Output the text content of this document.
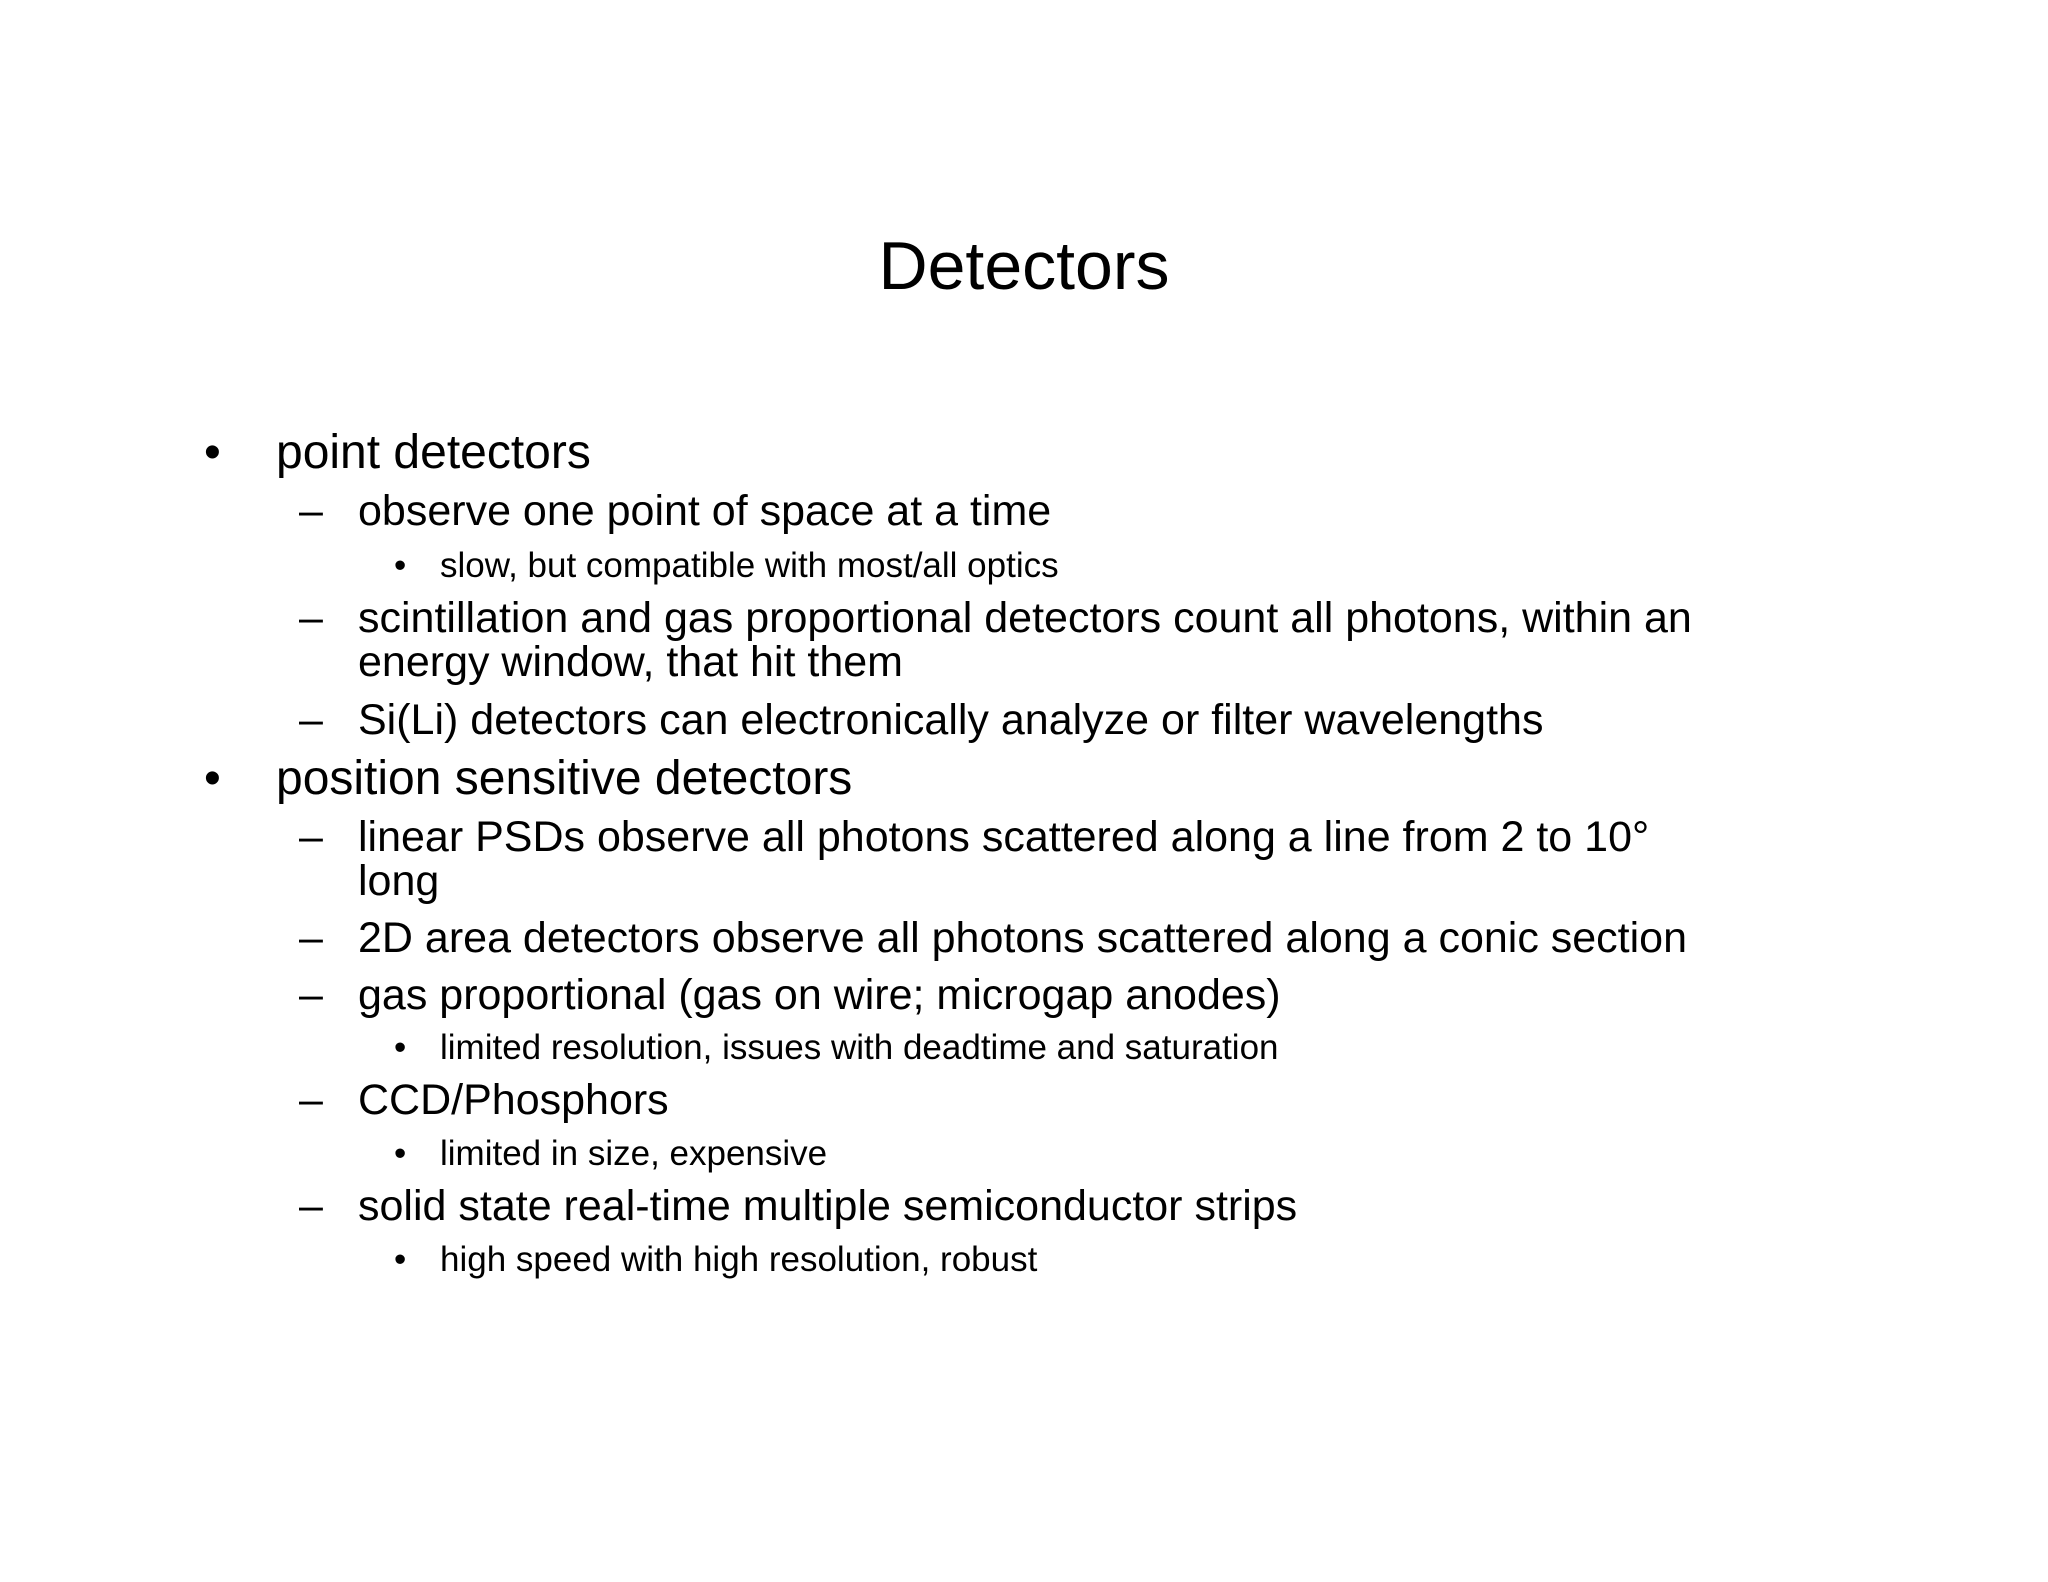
Detectors
• point detectors
– observe one point of space at a time
• slow, but compatible with most/all optics
– scintillation and gas proportional detectors count all photons, within an
energy window, that hit them
– Si(Li) detectors can electronically analyze or filter wavelengths
• position sensitive detectors
– linear PSDs observe all photons scattered along a line from 2 to 10°
long
– 2D area detectors observe all photons scattered along a conic section
– gas proportional (gas on wire; microgap anodes)
• limited resolution, issues with deadtime and saturation
– CCD/Phosphors
• limited in size, expensive
– solid state real-time multiple semiconductor strips
• high speed with high resolution, robust
